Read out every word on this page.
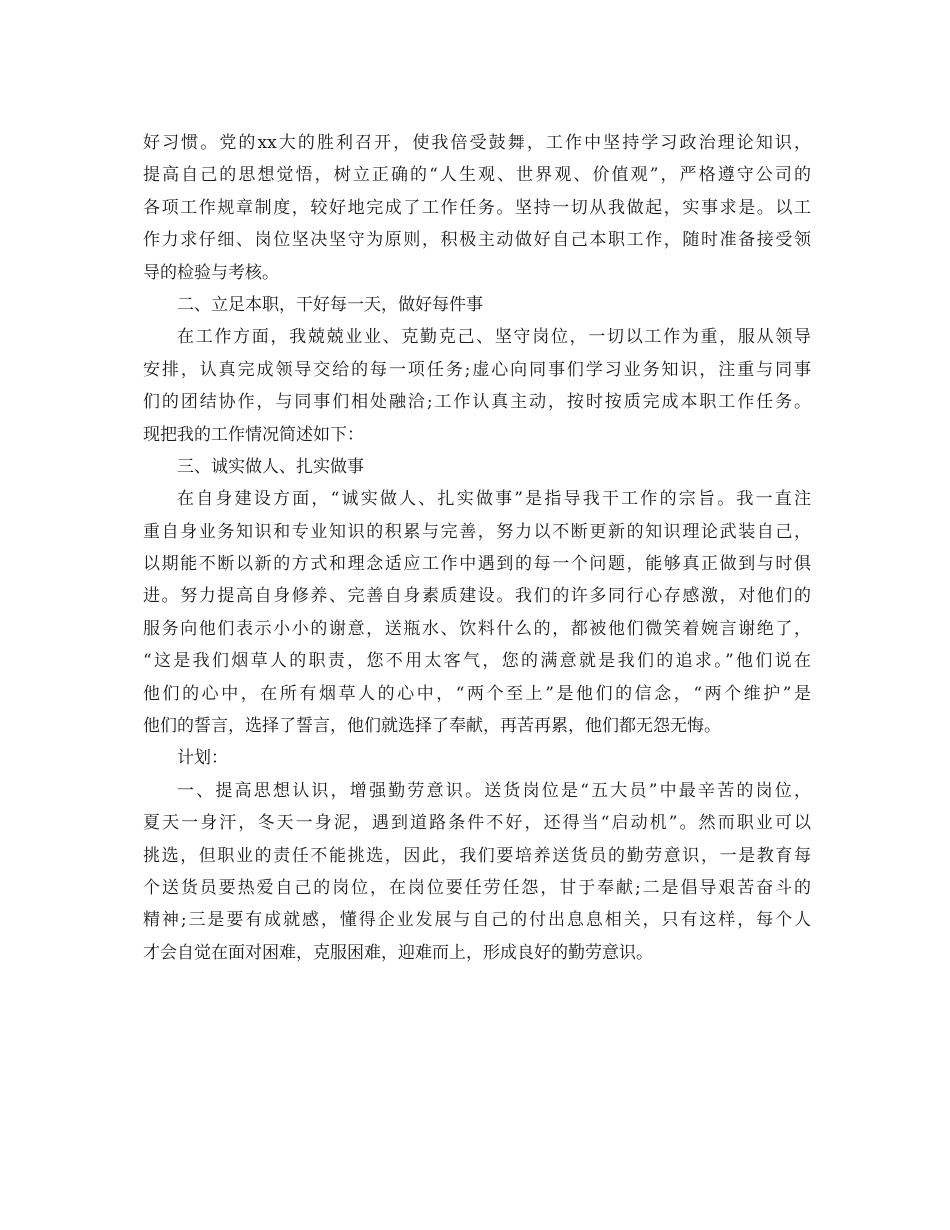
好习惯。党的xx大的胜利召开，使我倍受鼓舞，工作中坚持学习政治理论知识，
提高自己的思想觉悟，树立正确的“人生观、世界观、价值观”，严格遵守公司的
各项工作规章制度，较好地完成了工作任务。坚持一切从我做起，实事求是。以工
作力求仔细、岗位坚决坚守为原则，积极主动做好自己本职工作，随时准备接受领
导的检验与考核。
二、立足本职，干好每一天，做好每件事
在工作方面，我兢兢业业、克勤克己、坚守岗位，一切以工作为重，服从领导
安排，认真完成领导交给的每一项任务;虚心向同事们学习业务知识，注重与同事
们的团结协作，与同事们相处融洽;工作认真主动，按时按质完成本职工作任务。
现把我的工作情况简述如下：
三、诚实做人、扎实做事
在自身建设方面，“诚实做人、扎实做事”是指导我干工作的宗旨。我一直注
重自身业务知识和专业知识的积累与完善，努力以不断更新的知识理论武装自己，
以期能不断以新的方式和理念适应工作中遇到的每一个问题，能够真正做到与时俱
进。努力提高自身修养、完善自身素质建设。我们的许多同行心存感激，对他们的
服务向他们表示小小的谢意，送瓶水、饮料什么的，都被他们微笑着婉言谢绝了，
“这是我们烟草人的职责，您不用太客气，您的满意就是我们的追求。”他们说在
他们的心中，在所有烟草人的心中，“两个至上”是他们的信念，“两个维护”是
他们的誓言，选择了誓言，他们就选择了奉献，再苦再累，他们都无怨无悔。
计划：
一、提高思想认识，增强勤劳意识。送货岗位是“五大员”中最辛苦的岗位，
夏天一身汗，冬天一身泥，遇到道路条件不好，还得当“启动机”。然而职业可以
挑选，但职业的责任不能挑选，因此，我们要培养送货员的勤劳意识，一是教育每
个送货员要热爱自己的岗位，在岗位要任劳任怨，甘于奉献;二是倡导艰苦奋斗的
精神;三是要有成就感，懂得企业发展与自己的付出息息相关，只有这样，每个人
才会自觉在面对困难，克服困难，迎难而上，形成良好的勤劳意识。
